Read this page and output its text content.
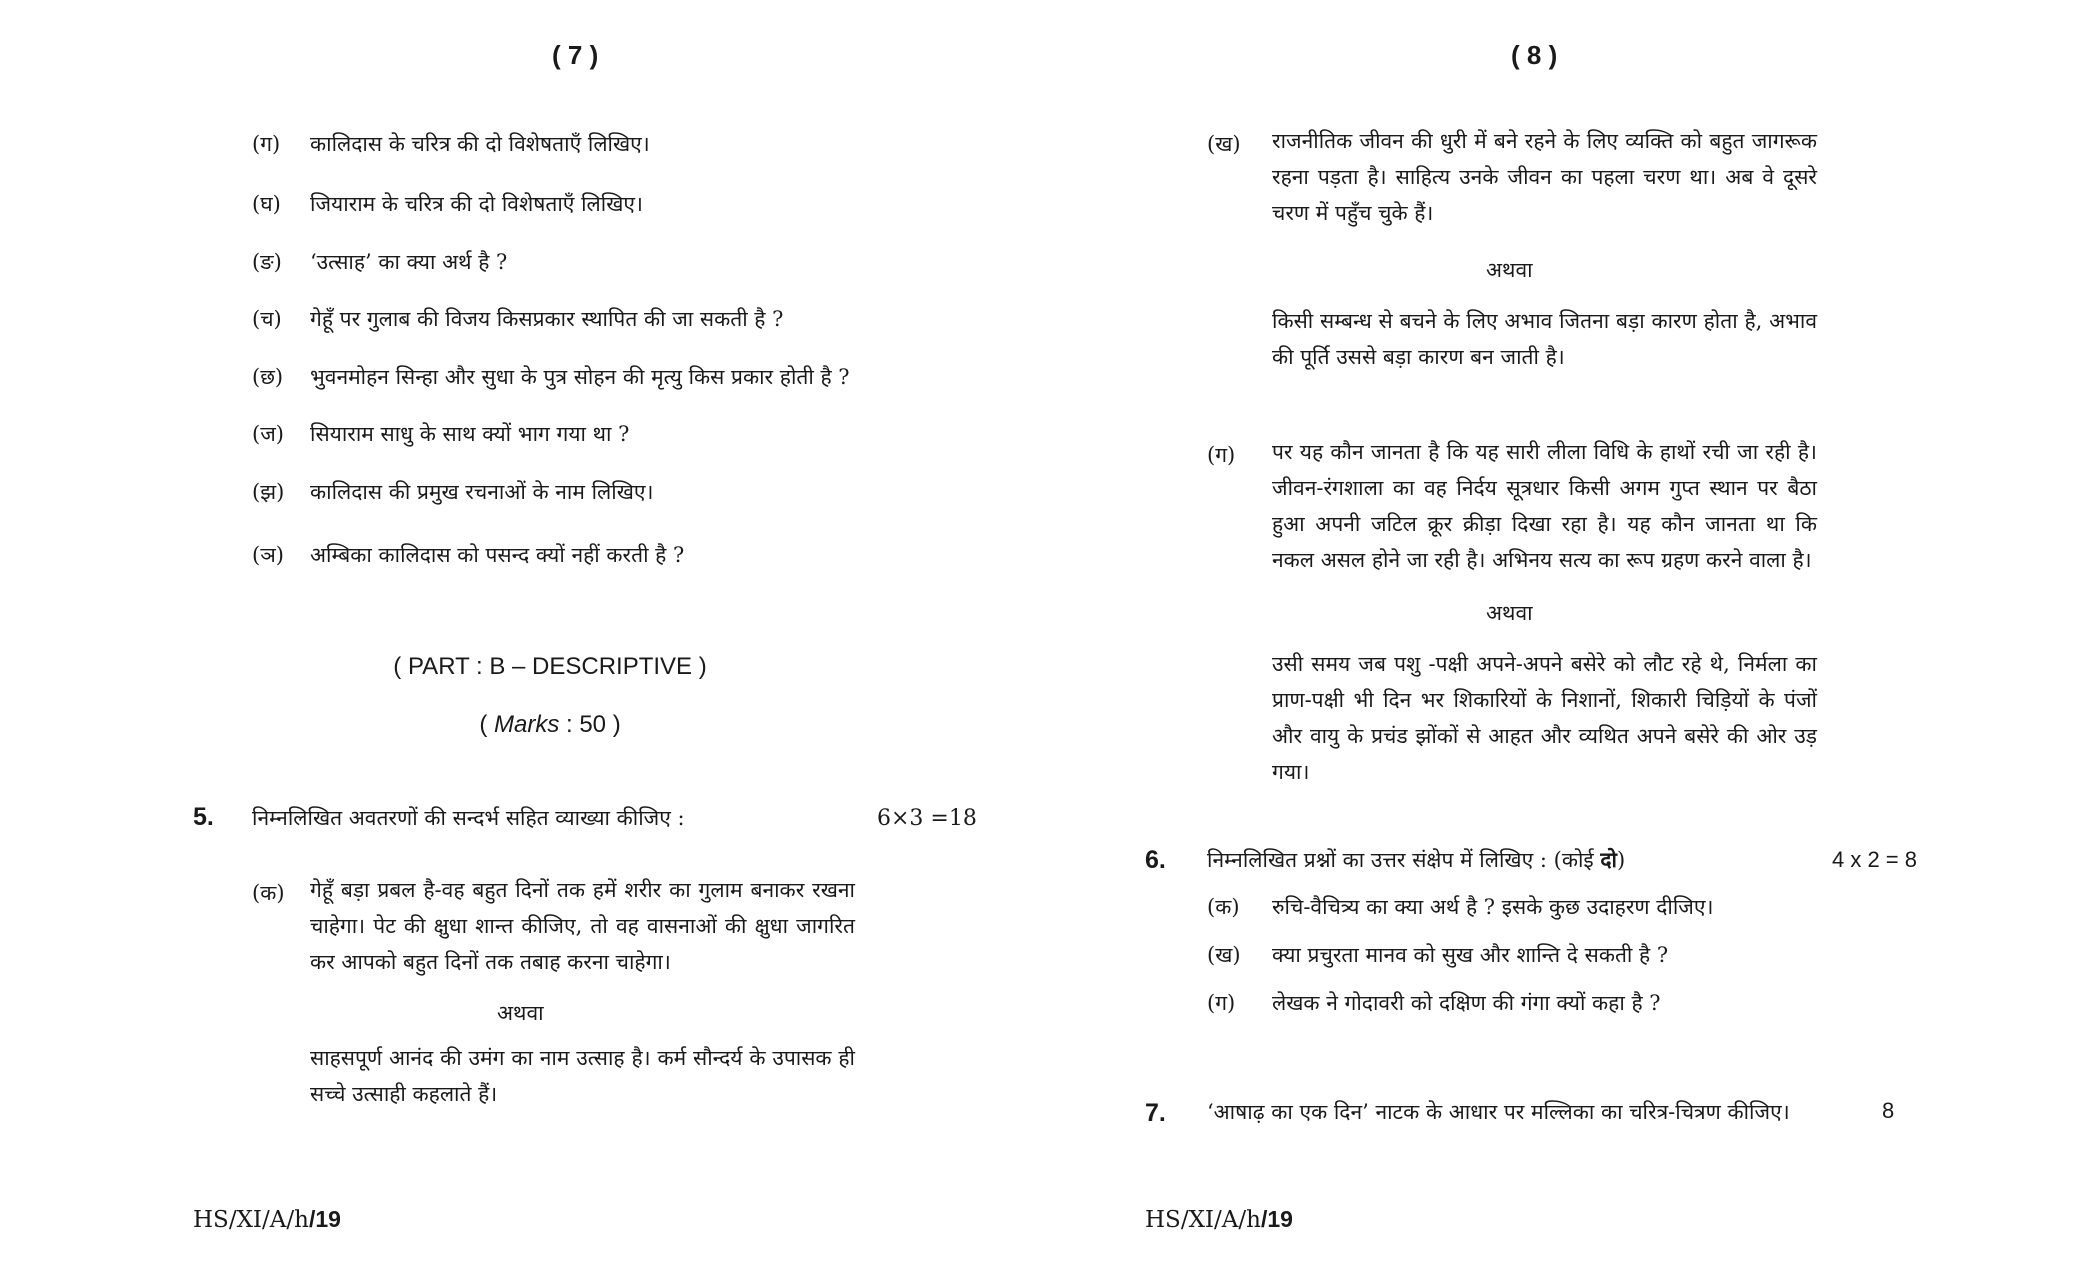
( 7 )
(ग) कालिदास के चरित्र की दो विशेषताएँ लिखिए।
(घ) जियाराम के चरित्र की दो विशेषताएँ लिखिए।
(ङ) ‘उत्साह’ का क्या अर्थ है ?
(च) गेहूँ पर गुलाब की विजय किसप्रकार स्थापित की जा सकती है ?
(छ) भुवनमोहन सिन्हा और सुधा के पुत्र सोहन की मृत्यु किस प्रकार होती है ?
(ज) सियाराम साधु के साथ क्यों भाग गया था ?
(झ) कालिदास की प्रमुख रचनाओं के नाम लिखिए।
(ञ) अम्बिका कालिदास को पसन्द क्यों नहीं करती है ?
( PART : B – DESCRIPTIVE )
( Marks : 50 )
5. निम्नलिखित अवतरणों की सन्दर्भ सहित व्याख्या कीजिए :	6×3 =18
(क) गेहूँ बड़ा प्रबल है-वह बहुत दिनों तक हमें शरीर का गुलाम बनाकर रखना चाहेगा। पेट की क्षुधा शान्त कीजिए, तो वह वासनाओं की क्षुधा जागरित कर आपको बहुत दिनों तक तबाह करना चाहेगा।
अथवा
साहसपूर्ण आनंद की उमंग का नाम उत्साह है। कर्म सौन्दर्य के उपासक ही सच्चे उत्साही कहलाते हैं।
HS/XI/A/h/19
( 8 )
(ख) राजनीतिक जीवन की धुरी में बने रहने के लिए व्यक्ति को बहुत जागरूक रहना पड़ता है। साहित्य उनके जीवन का पहला चरण था। अब वे दूसरे चरण में पहुँच चुके हैं।
अथवा
किसी सम्बन्ध से बचने के लिए अभाव जितना बड़ा कारण होता है, अभाव की पूर्ति उससे बड़ा कारण बन जाती है।
(ग) पर यह कौन जानता है कि यह सारी लीला विधि के हाथों रची जा रही है। जीवन-रंगशाला का वह निर्दय सूत्रधार किसी अगम गुप्त स्थान पर बैठा हुआ अपनी जटिल क्रूर क्रीड़ा दिखा रहा है। यह कौन जानता था कि नकल असल होने जा रही है। अभिनय सत्य का रूप ग्रहण करने वाला है।
अथवा
उसी समय जब पशु -पक्षी अपने-अपने बसेरे को लौट रहे थे, निर्मला का प्राण-पक्षी भी दिन भर शिकारियों के निशानों, शिकारी चिड़ियों के पंजों और वायु के प्रचंड झोंकों से आहत और व्यथित अपने बसेरे की ओर उड़ गया।
6. निम्नलिखित प्रश्नों का उत्तर संक्षेप में लिखिए : (कोई दो)	4 x 2 = 8
(क) रुचि-वैचित्र्य का क्या अर्थ है ? इसके कुछ उदाहरण दीजिए।
(ख) क्या प्रचुरता मानव को सुख और शान्ति दे सकती है ?
(ग) लेखक ने गोदावरी को दक्षिण की गंगा क्यों कहा है ?
7. ‘आषाढ़ का एक दिन’ नाटक के आधार पर मल्लिका का चरित्र-चित्रण कीजिए।	8
HS/XI/A/h/19
